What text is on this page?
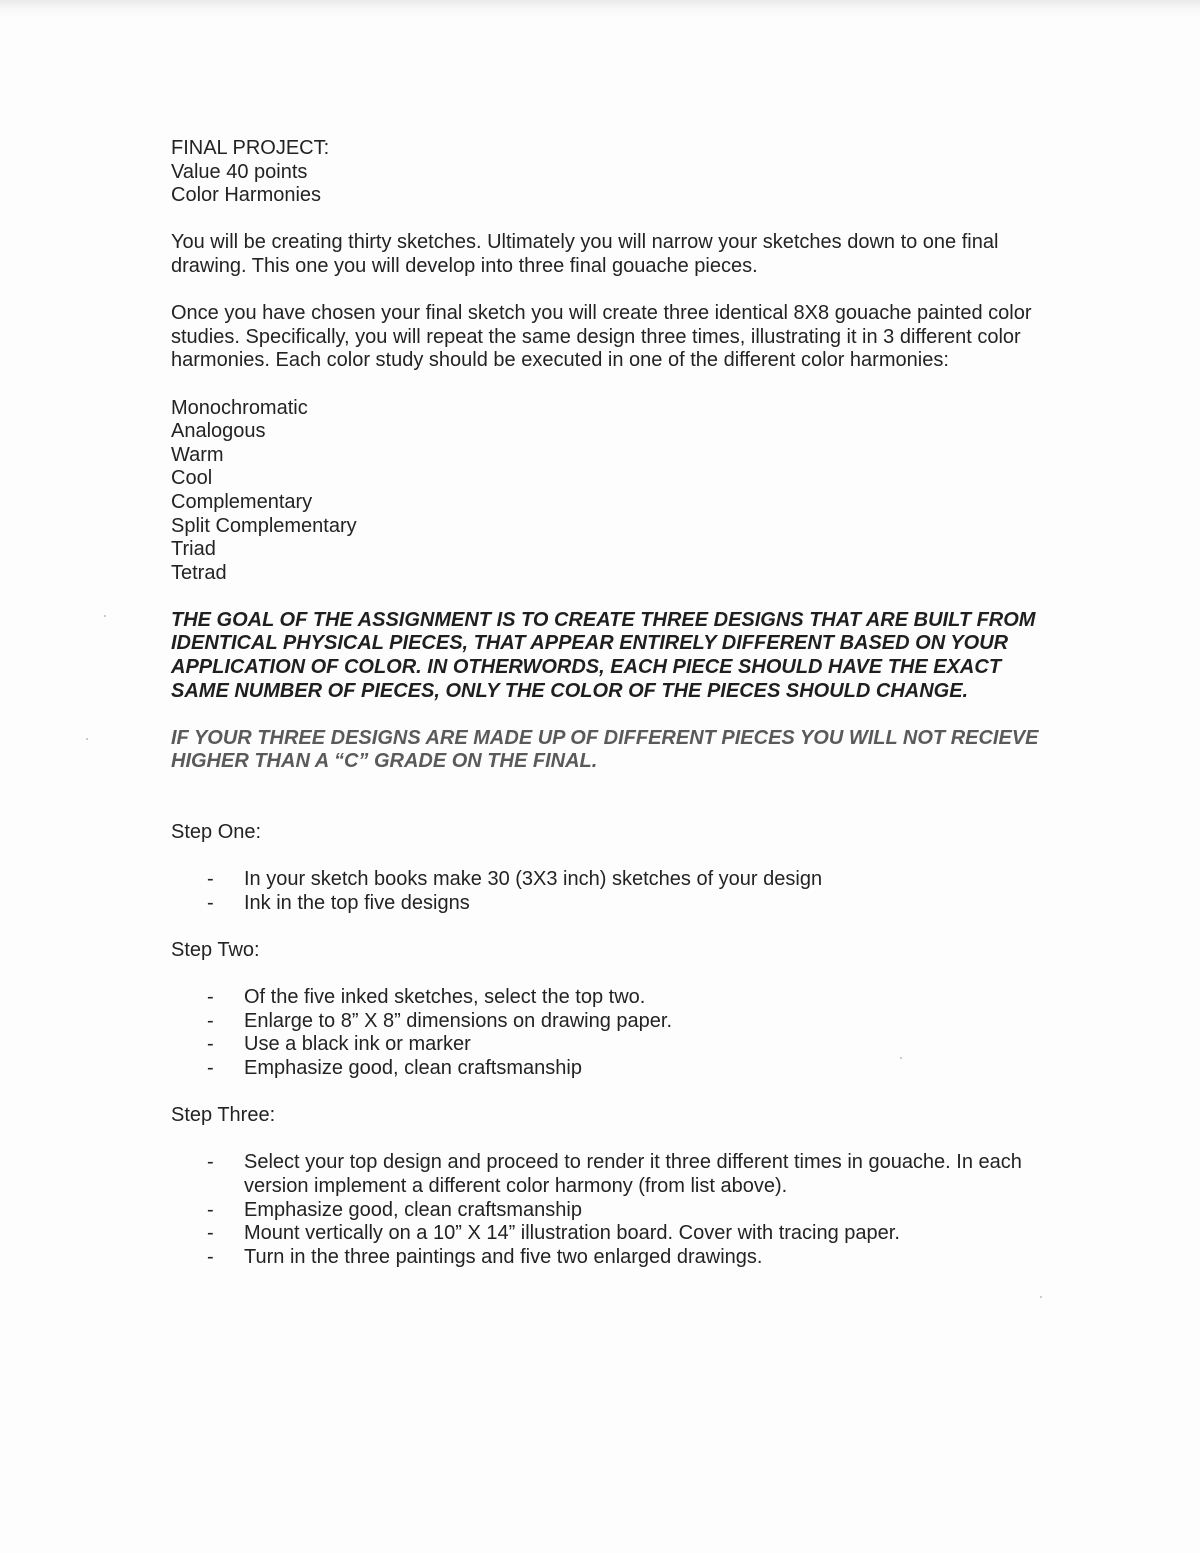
FINAL PROJECT:

Value 40 points

Color Harmonies

You will be creating thirty sketches. Ultimately you will narrow your sketches down to one final drawing. This one you will develop into three final gouache pieces.

Once you have chosen your final sketch you will create three identical 8X8 gouache painted color studies. Specifically, you will repeat the same design three times, illustrating it in 3 different color harmonies. Each color study should be executed in one of the different color harmonies:

Monochromatic
Analogous
Warm
Cool
Complementary
Split Complementary
Triad
Tetrad

THE GOAL OF THE ASSIGNMENT IS TO CREATE THREE DESIGNS THAT ARE BUILT FROM IDENTICAL PHYSICAL PIECES, THAT APPEAR ENTIRELY DIFFERENT BASED ON YOUR APPLICATION OF COLOR. IN OTHERWORDS, EACH PIECE SHOULD HAVE THE EXACT SAME NUMBER OF PIECES, ONLY THE COLOR OF THE PIECES SHOULD CHANGE.

IF YOUR THREE DESIGNS ARE MADE UP OF DIFFERENT PIECES YOU WILL NOT RECIEVE HIGHER THAN A “C” GRADE ON THE FINAL.

Step One:

- In your sketch books make 30 (3X3 inch) sketches of your design
- Ink in the top five designs

Step Two:

- Of the five inked sketches, select the top two.
- Enlarge to 8” X 8” dimensions on drawing paper.
- Use a black ink or marker
- Emphasize good, clean craftsmanship

Step Three:

- Select your top design and proceed to render it three different times in gouache. In each version implement a different color harmony (from list above).
- Emphasize good, clean craftsmanship
- Mount vertically on a 10” X 14” illustration board. Cover with tracing paper.
- Turn in the three paintings and five two enlarged drawings.
